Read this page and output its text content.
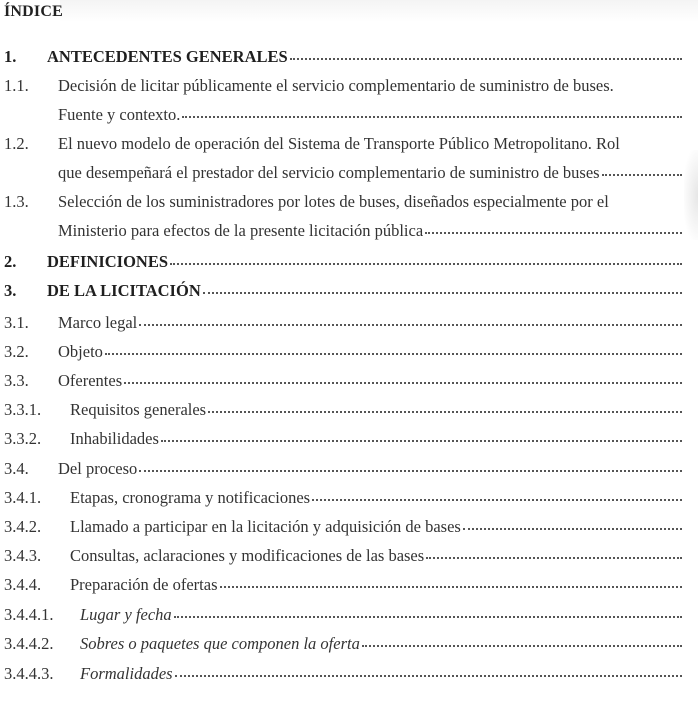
ÍNDICE
1.	ANTECEDENTES GENERALES
1.1.	Decisión de licitar públicamente el servicio complementario de suministro de buses.
Fuente y contexto.
1.2.	El nuevo modelo de operación del Sistema de Transporte Público Metropolitano. Rol
que desempeñará el prestador del servicio complementario de suministro de buses
1.3.	Selección de los suministradores por lotes de buses, diseñados especialmente por el
Ministerio para efectos de la presente licitación pública
2.	DEFINICIONES
3.	DE LA LICITACIÓN
3.1.	Marco legal
3.2.	Objeto
3.3.	Oferentes
3.3.1.	Requisitos generales
3.3.2.	Inhabilidades
3.4.	Del proceso
3.4.1.	Etapas, cronograma y notificaciones
3.4.2.	Llamado a participar en la licitación y adquisición de bases
3.4.3.	Consultas, aclaraciones y modificaciones de las bases
3.4.4.	Preparación de ofertas
3.4.4.1.	Lugar y fecha
3.4.4.2.	Sobres o paquetes que componen la oferta
3.4.4.3.	Formalidades
